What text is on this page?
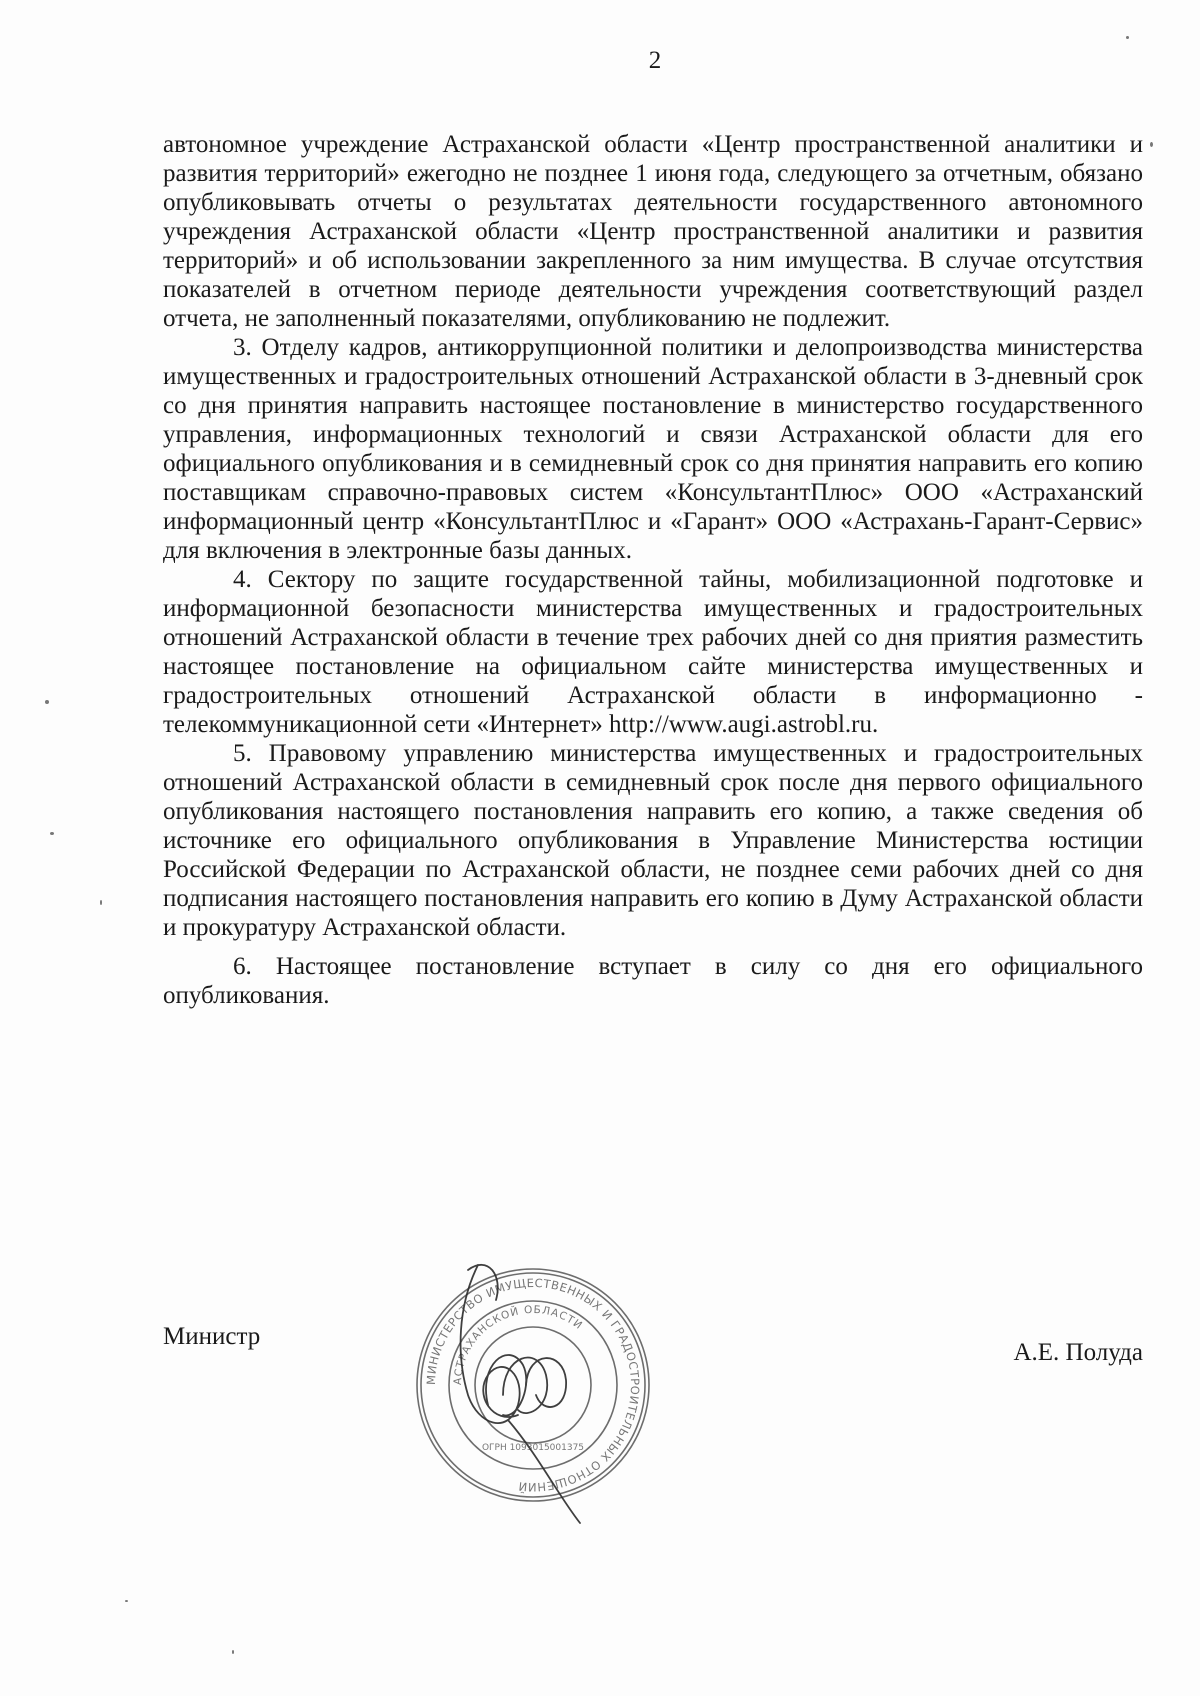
2

автономное учреждение Астраханской области «Центр пространственной аналитики и развития территорий» ежегодно не позднее 1 июня года, следующего за отчетным, обязано опубликовывать отчеты о результатах деятельности государственного автономного учреждения Астраханской области «Центр пространственной аналитики и развития территорий» и об использовании закрепленного за ним имущества. В случае отсутствия показателей в отчетном периоде деятельности учреждения соответствующий раздел отчета, не заполненный показателями, опубликованию не подлежит.

3. Отделу кадров, антикоррупционной политики и делопроизводства министерства имущественных и градостроительных отношений Астраханской области в 3-дневный срок со дня принятия направить настоящее постановление в министерство государственного управления, информационных технологий и связи Астраханской области для его официального опубликования и в семидневный срок со дня принятия направить его копию поставщикам справочно-правовых систем «КонсультантПлюс» ООО «Астраханский информационный центр «КонсультантПлюс и «Гарант» ООО «Астрахань-Гарант-Сервис» для включения в электронные базы данных.

4. Сектору по защите государственной тайны, мобилизационной подготовке и информационной безопасности министерства имущественных и градостроительных отношений Астраханской области в течение трех рабочих дней со дня приятия разместить настоящее постановление на официальном сайте министерства имущественных и градостроительных отношений Астраханской области в информационно - телекоммуникационной сети «Интернет» http://www.augi.astrobl.ru.

5. Правовому управлению министерства имущественных и градостроительных отношений Астраханской области в семидневный срок после дня первого официального опубликования настоящего постановления направить его копию, а также сведения об источнике его официального опубликования в Управление Министерства юстиции Российской Федерации по Астраханской области, не позднее семи рабочих дней со дня подписания настоящего постановления направить его копию в Думу Астраханской области и прокуратуру Астраханской области.

6. Настоящее постановление вступает в силу со дня его официального опубликования.

Министр
А.Е. Полуда
МИНИСТЕРСТВО ИМУЩЕСТВЕННЫХ И ГРАДОСТРОИТЕЛЬНЫХ ОТНОШЕНИЙ
АСТРАХАНСКОЙ ОБЛАСТИ
ОГРН 1093015001375
